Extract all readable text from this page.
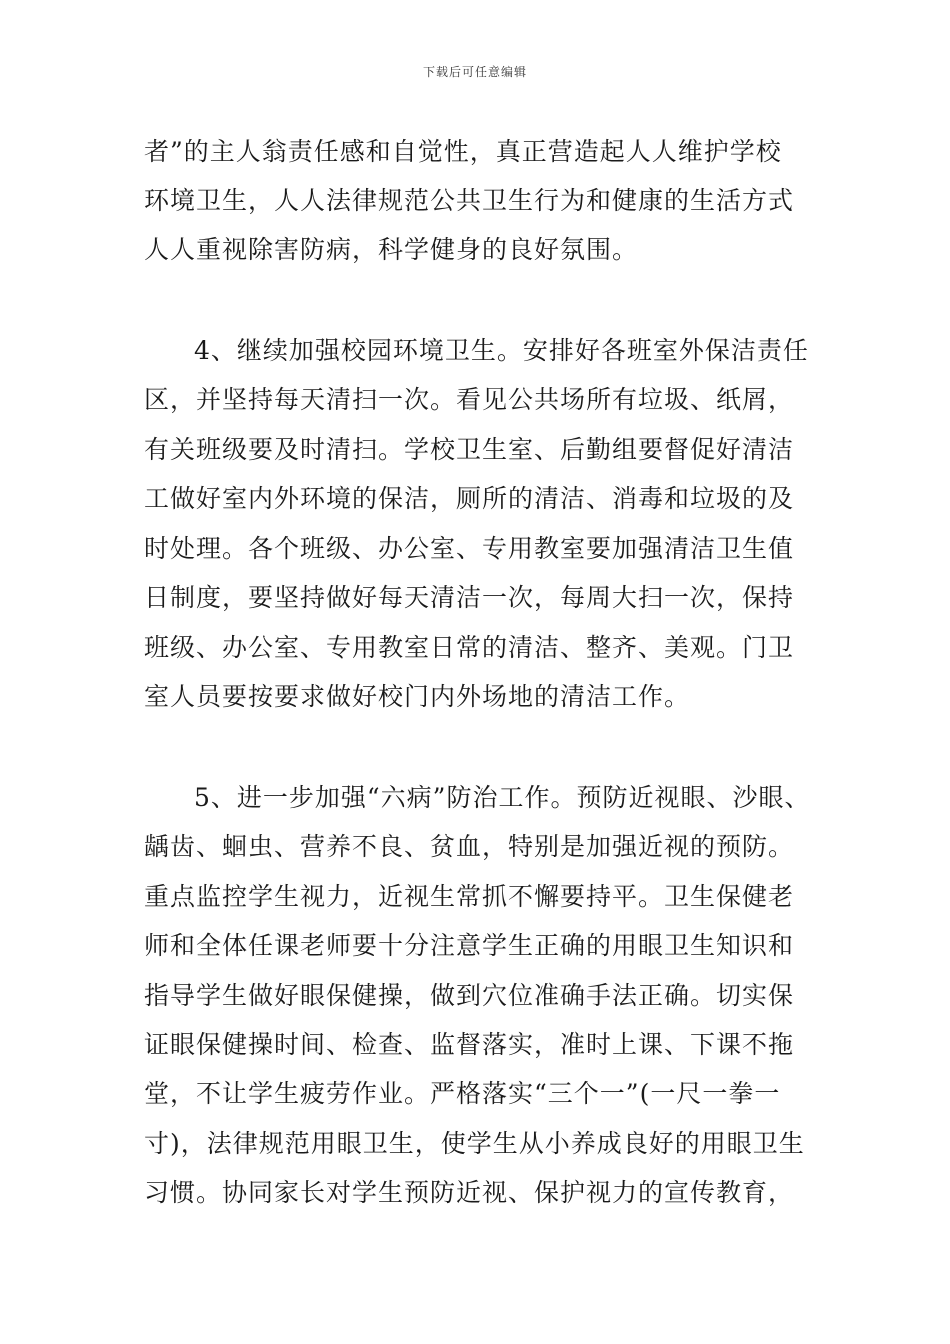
下载后可任意编辑
者”的主人翁责任感和自觉性，真正营造起人人维护学校
环境卫生，人人法律规范公共卫生行为和健康的生活方式
人人重视除害防病，科学健身的良好氛围。
4、继续加强校园环境卫生。安排好各班室外保洁责任
区，并坚持每天清扫一次。看见公共场所有垃圾、纸屑，
有关班级要及时清扫。学校卫生室、后勤组要督促好清洁
工做好室内外环境的保洁，厕所的清洁、消毒和垃圾的及
时处理。各个班级、办公室、专用教室要加强清洁卫生值
日制度，要坚持做好每天清洁一次，每周大扫一次，保持
班级、办公室、专用教室日常的清洁、整齐、美观。门卫
室人员要按要求做好校门内外场地的清洁工作。
5、进一步加强“六病”防治工作。预防近视眼、沙眼、
龋齿、蛔虫、营养不良、贫血，特别是加强近视的预防。
重点监控学生视力，近视生常抓不懈要持平。卫生保健老
师和全体任课老师要十分注意学生正确的用眼卫生知识和
指导学生做好眼保健操，做到穴位准确手法正确。切实保
证眼保健操时间、检查、监督落实，准时上课、下课不拖
堂，不让学生疲劳作业。严格落实“三个一”(一尺一拳一
寸)，法律规范用眼卫生，使学生从小养成良好的用眼卫生
习惯。协同家长对学生预防近视、保护视力的宣传教育，
